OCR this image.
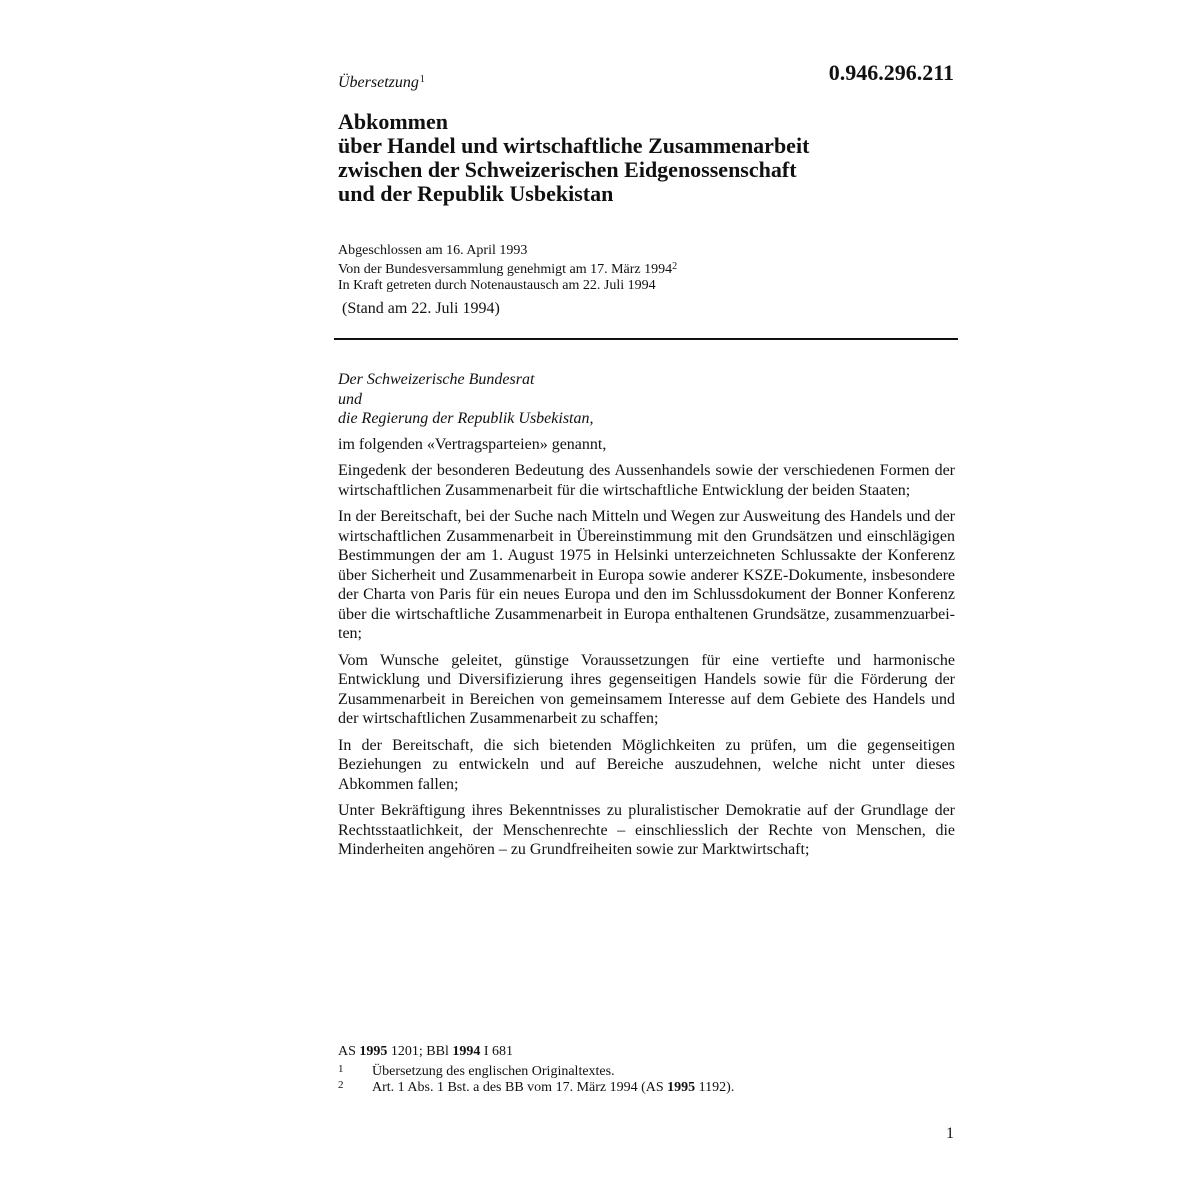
Übersetzung$^1$	0.946.296.211
Abkommen
über Handel und wirtschaftliche Zusammenarbeit
zwischen der Schweizerischen Eidgenossenschaft
und der Republik Usbekistan
Abgeschlossen am 16. April 1993
Von der Bundesversammlung genehmigt am 17. März 1994$^2$
In Kraft getreten durch Notenaustausch am 22. Juli 1994
(Stand am 22. Juli 1994)
Der Schweizerische Bundesrat
und
die Regierung der Republik Usbekistan,

im folgenden «Vertragsparteien» genannt,

Eingedenk der besonderen Bedeutung des Aussenhandels sowie der verschiedenen Formen der wirtschaftlichen Zusammenarbeit für die wirtschaftliche Entwicklung der beiden Staaten;

In der Bereitschaft, bei der Suche nach Mitteln und Wegen zur Ausweitung des Handels und der wirtschaftlichen Zusammenarbeit in Übereinstimmung mit den Grundsätzen und einschlägigen Bestimmungen der am 1. August 1975 in Helsinki unterzeichneten Schlussakte der Konferenz über Sicherheit und Zusammenarbeit in Europa sowie anderer KSZE-Dokumente, insbesondere der Charta von Paris für ein neues Europa und den im Schlussdokument der Bonner Konferenz über die wirtschaftliche Zusammenarbeit in Europa enthaltenen Grundsätze, zusammenzuarbeiten;

Vom Wunsche geleitet, günstige Voraussetzungen für eine vertiefte und harmonische Entwicklung und Diversifizierung ihres gegenseitigen Handels sowie für die Förderung der Zusammenarbeit in Bereichen von gemeinsamem Interesse auf dem Gebiete des Handels und der wirtschaftlichen Zusammenarbeit zu schaffen;

In der Bereitschaft, die sich bietenden Möglichkeiten zu prüfen, um die gegenseitigen Beziehungen zu entwickeln und auf Bereiche auszudehnen, welche nicht unter dieses Abkommen fallen;

Unter Bekräftigung ihres Bekenntnisses zu pluralistischer Demokratie auf der Grundlage der Rechtsstaatlichkeit, der Menschenrechte – einschliesslich der Rechte von Menschen, die Minderheiten angehören – zu Grundfreiheiten sowie zur Marktwirtschaft;

AS 1995 1201; BBl 1994 I 681
1	Übersetzung des englischen Originaltextes.
2	Art. 1 Abs. 1 Bst. a des BB vom 17. März 1994 (AS 1995 1192).
1
